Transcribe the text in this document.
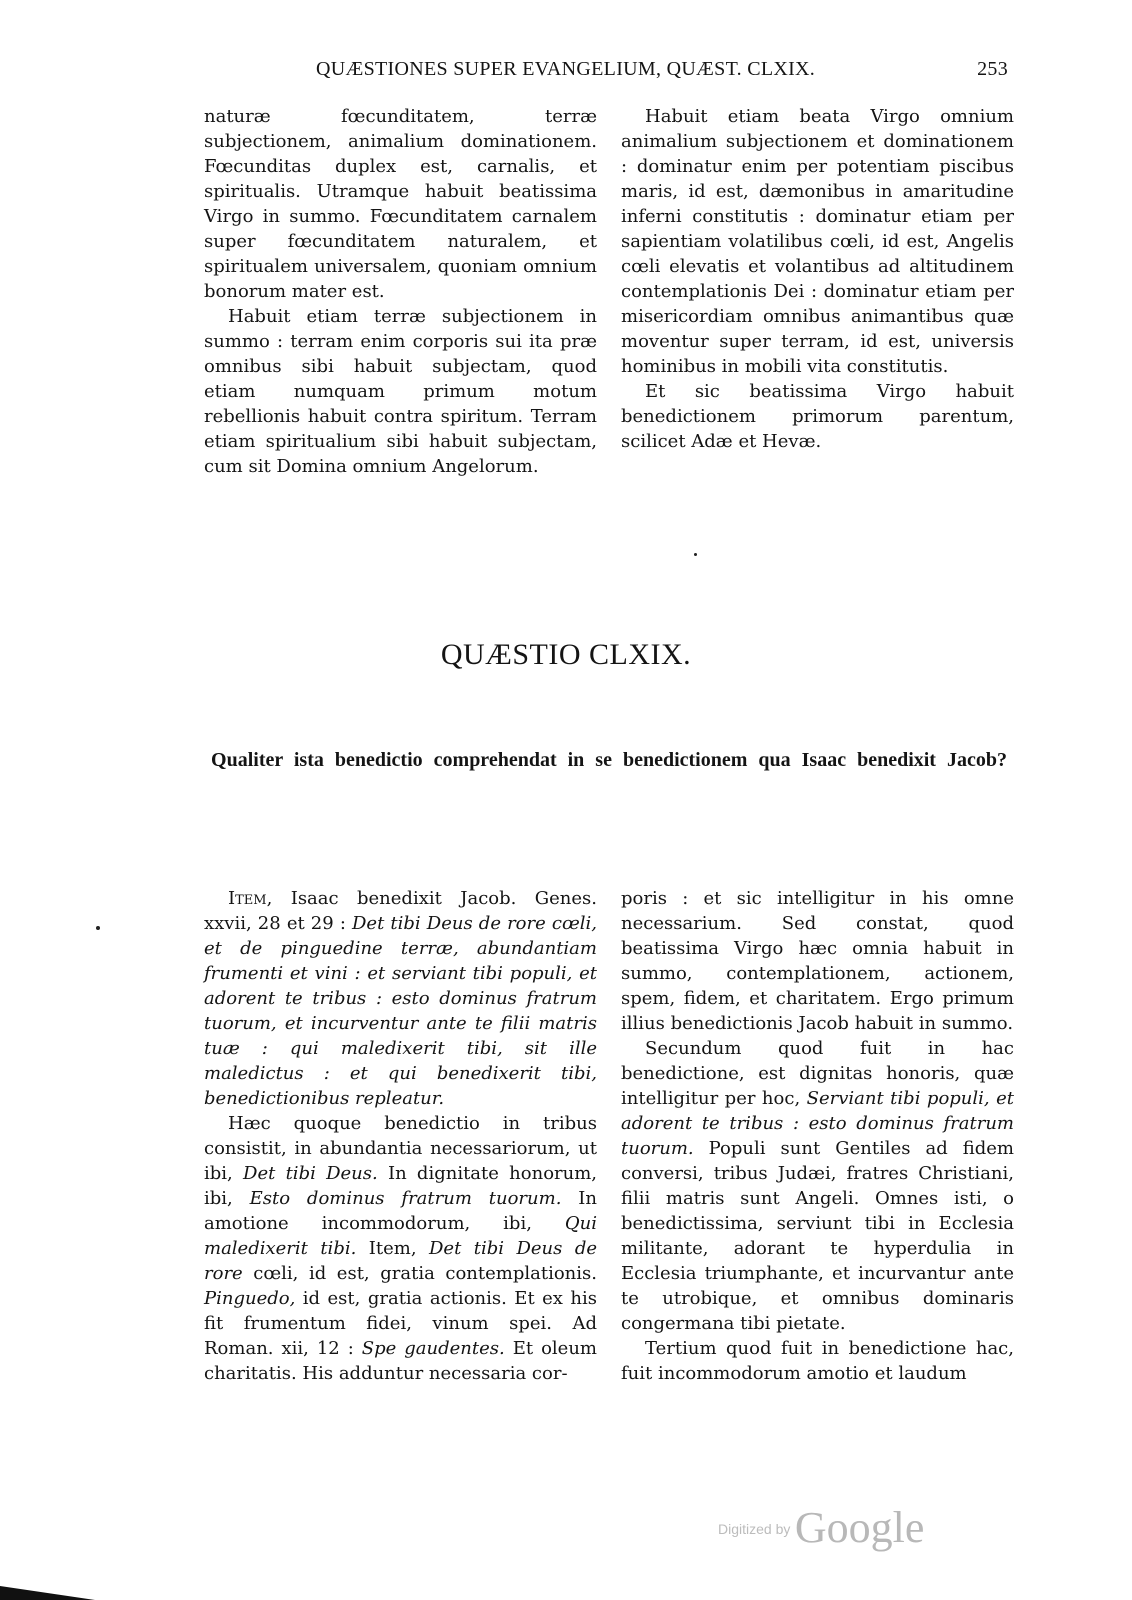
QUÆSTIONES SUPER EVANGELIUM, QUÆST. CLXIX.	253

naturæ fœcunditatem, terræ subjectionem, animalium dominationem. Fœcunditas duplex est, carnalis, et spiritualis. Utramque habuit beatissima Virgo in summo. Fœcunditatem carnalem super fœcunditatem naturalem, et spiritualem universalem, quoniam omnium bonorum mater est.

Habuit etiam terræ subjectionem in summo : terram enim corporis sui ita præ omnibus sibi habuit subjectam, quod etiam numquam primum motum rebellionis habuit contra spiritum. Terram etiam spiritualium sibi habuit subjectam, cum sit Domina omnium Angelorum.

Habuit etiam beata Virgo omnium animalium subjectionem et dominationem : dominatur enim per potentiam piscibus maris, id est, dæmonibus in amaritudine inferni constitutis : dominatur etiam per sapientiam volatilibus cœli, id est, Angelis cœli elevatis et volantibus ad altitudinem contemplationis Dei : dominatur etiam per misericordiam omnibus animantibus quæ moventur super terram, id est, universis hominibus in mobili vita constitutis.

Et sic beatissima Virgo habuit benedictionem primorum parentum, scilicet Adæ et Hevæ.

QUÆSTIO CLXIX.
Qualiter ista benedictio comprehendat in se benedictionem qua Isaac benedixit Jacob?

Item, Isaac benedixit Jacob. Genes. xxvii, 28 et 29 : Det tibi Deus de rore cœli, et de pinguedine terræ, abundantiam frumenti et vini : et serviant tibi populi, et adorent te tribus : esto dominus fratrum tuorum, et incurventur ante te filii matris tuæ : qui maledixerit tibi, sit ille maledictus : et qui benedixerit tibi, benedictionibus repleatur.

Hæc quoque benedictio in tribus consistit, in abundantia necessariorum, ut ibi, Det tibi Deus. In dignitate honorum, ibi, Esto dominus fratrum tuorum. In amotione incommodorum, ibi, Qui maledixerit tibi. Item, Det tibi Deus de rore cœli, id est, gratia contemplationis. Pinguedo, id est, gratia actionis. Et ex his fit frumentum fidei, vinum spei. Ad Roman. xii, 12 : Spe gaudentes. Et oleum charitatis. His adduntur necessaria cor-

poris : et sic intelligitur in his omne necessarium. Sed constat, quod beatissima Virgo hæc omnia habuit in summo, contemplationem, actionem, spem, fidem, et charitatem. Ergo primum illius benedictionis Jacob habuit in summo.

Secundum quod fuit in hac benedictione, est dignitas honoris, quæ intelligitur per hoc, Serviant tibi populi, et adorent te tribus : esto dominus fratrum tuorum. Populi sunt Gentiles ad fidem conversi, tribus Judæi, fratres Christiani, filii matris sunt Angeli. Omnes isti, o benedictissima, serviunt tibi in Ecclesia militante, adorant te hyperdulia in Ecclesia triumphante, et incurvantur ante te utrobique, et omnibus dominaris congermana tibi pietate.

Tertium quod fuit in benedictione hac, fuit incommodorum amotio et laudum

Digitized by Google
